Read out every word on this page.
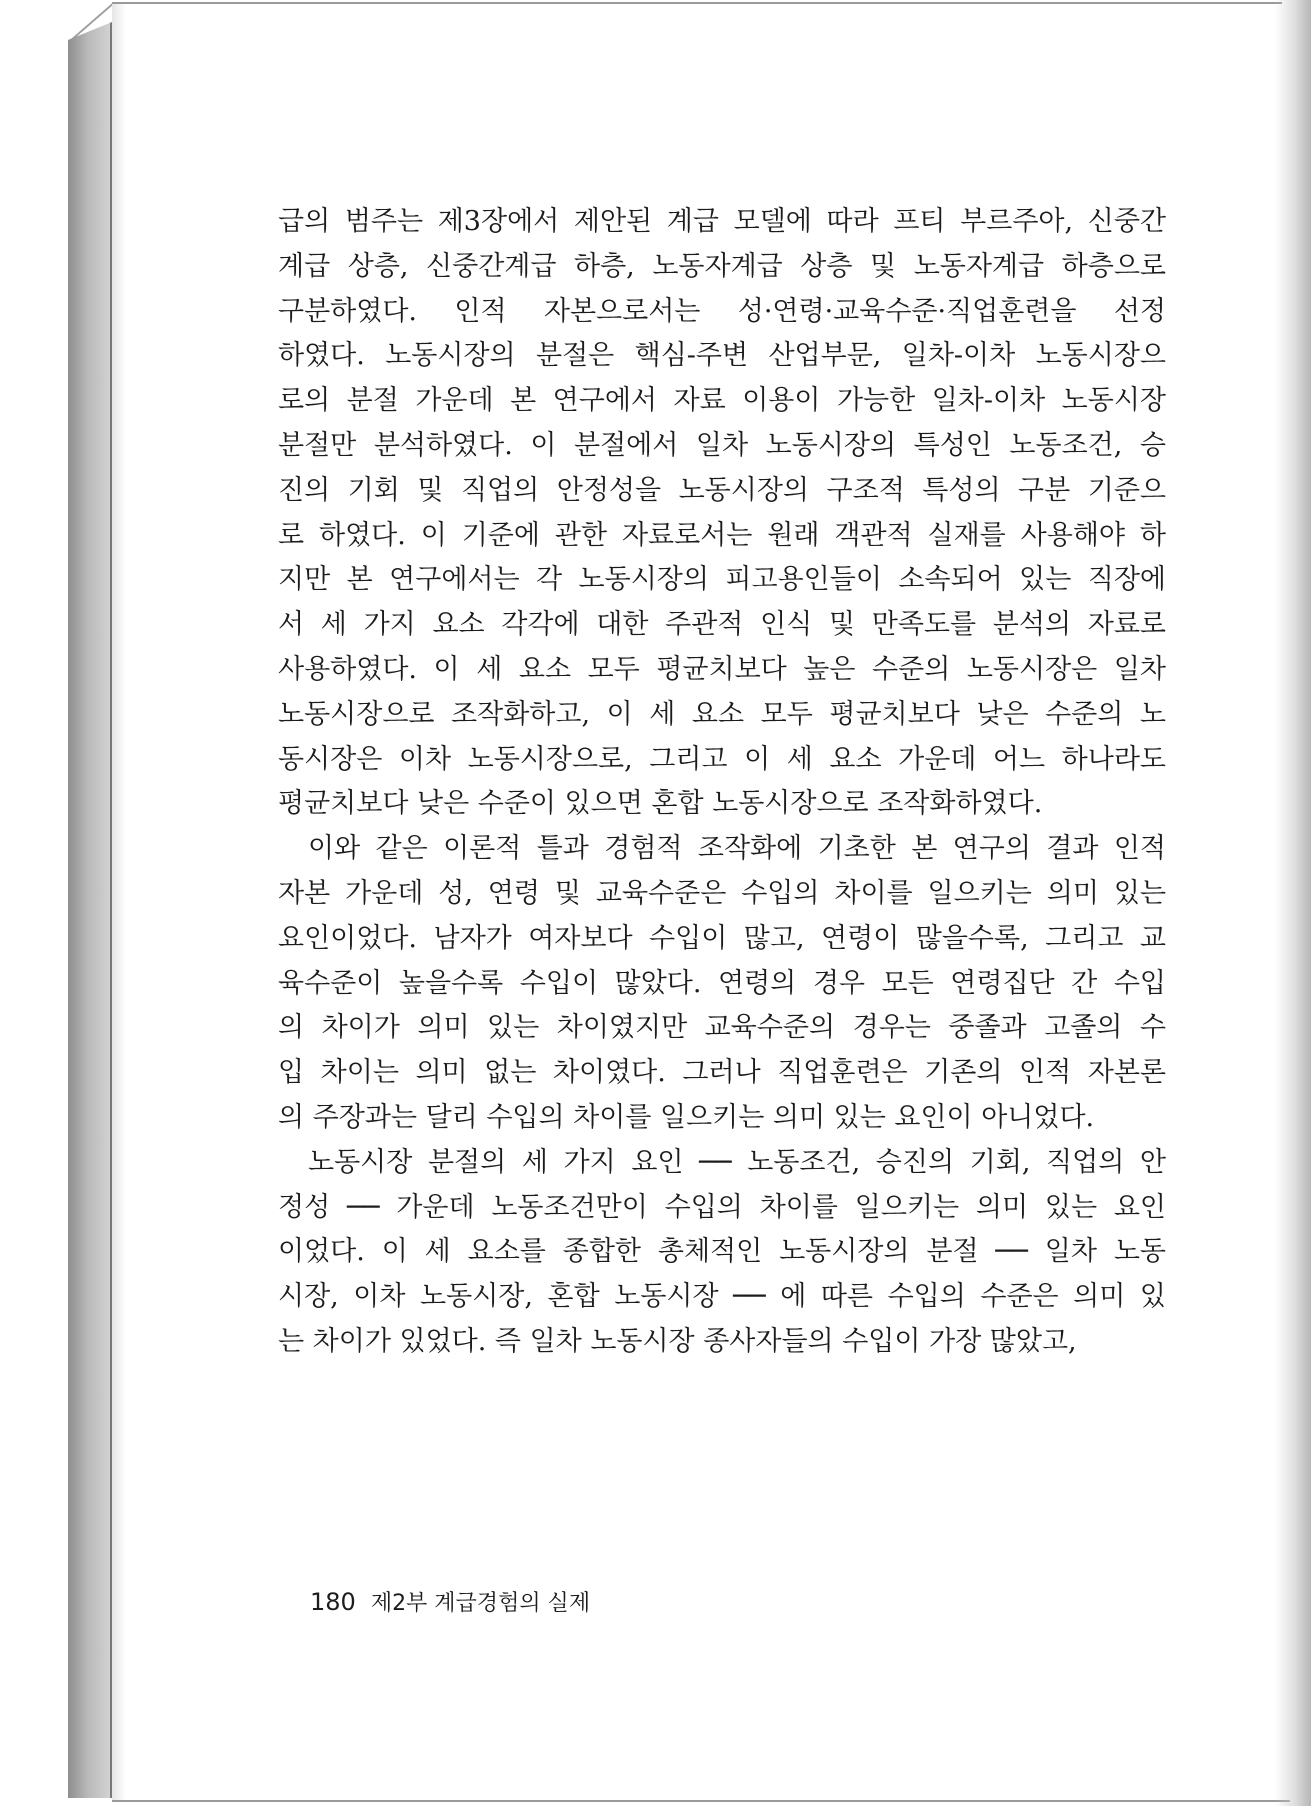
급의 범주는 제3장에서 제안된 계급 모델에 따라 프티 부르주아, 신중간
계급 상층, 신중간계급 하층, 노동자계급 상층 및 노동자계급 하층으로
구분하였다. 인적 자본으로서는 성·연령·교육수준·직업훈련을 선정
하였다. 노동시장의 분절은 핵심-주변 산업부문, 일차-이차 노동시장으
로의 분절 가운데 본 연구에서 자료 이용이 가능한 일차-이차 노동시장
분절만 분석하였다. 이 분절에서 일차 노동시장의 특성인 노동조건, 승
진의 기회 및 직업의 안정성을 노동시장의 구조적 특성의 구분 기준으
로 하였다. 이 기준에 관한 자료로서는 원래 객관적 실재를 사용해야 하
지만 본 연구에서는 각 노동시장의 피고용인들이 소속되어 있는 직장에
서 세 가지 요소 각각에 대한 주관적 인식 및 만족도를 분석의 자료로
사용하였다. 이 세 요소 모두 평균치보다 높은 수준의 노동시장은 일차
노동시장으로 조작화하고, 이 세 요소 모두 평균치보다 낮은 수준의 노
동시장은 이차 노동시장으로, 그리고 이 세 요소 가운데 어느 하나라도
평균치보다 낮은 수준이 있으면 혼합 노동시장으로 조작화하였다.
이와 같은 이론적 틀과 경험적 조작화에 기초한 본 연구의 결과 인적
자본 가운데 성, 연령 및 교육수준은 수입의 차이를 일으키는 의미 있는
요인이었다. 남자가 여자보다 수입이 많고, 연령이 많을수록, 그리고 교
육수준이 높을수록 수입이 많았다. 연령의 경우 모든 연령집단 간 수입
의 차이가 의미 있는 차이였지만 교육수준의 경우는 중졸과 고졸의 수
입 차이는 의미 없는 차이였다. 그러나 직업훈련은 기존의 인적 자본론
의 주장과는 달리 수입의 차이를 일으키는 의미 있는 요인이 아니었다.
노동시장 분절의 세 가지 요인 ── 노동조건, 승진의 기회, 직업의 안
정성 ── 가운데 노동조건만이 수입의 차이를 일으키는 의미 있는 요인
이었다. 이 세 요소를 종합한 총체적인 노동시장의 분절 ── 일차 노동
시장, 이차 노동시장, 혼합 노동시장 ── 에 따른 수입의 수준은 의미 있
는 차이가 있었다. 즉 일차 노동시장 종사자들의 수입이 가장 많았고,
180 제2부 계급경험의 실제
